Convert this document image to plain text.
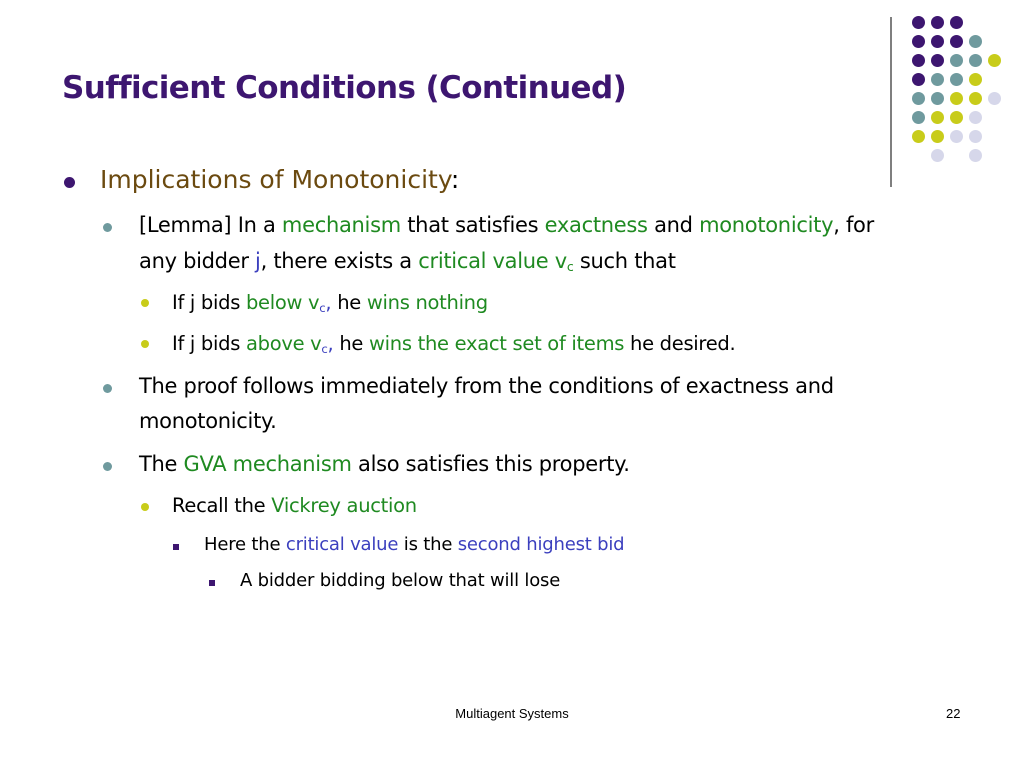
Sufficient Conditions (Continued)
Implications of Monotonicity:
[Lemma] In a mechanism that satisfies exactness and monotonicity, for
any bidder j, there exists a critical value $v_c$ such that
If j bids below $v_c$, he wins nothing
If j bids above $v_c$, he wins the exact set of items he desired.
The proof follows immediately from the conditions of exactness and
monotonicity.
The GVA mechanism also satisfies this property.
Recall the Vickrey auction
Here the critical value is the second highest bid
A bidder bidding below that will lose
Multiagent Systems	22
